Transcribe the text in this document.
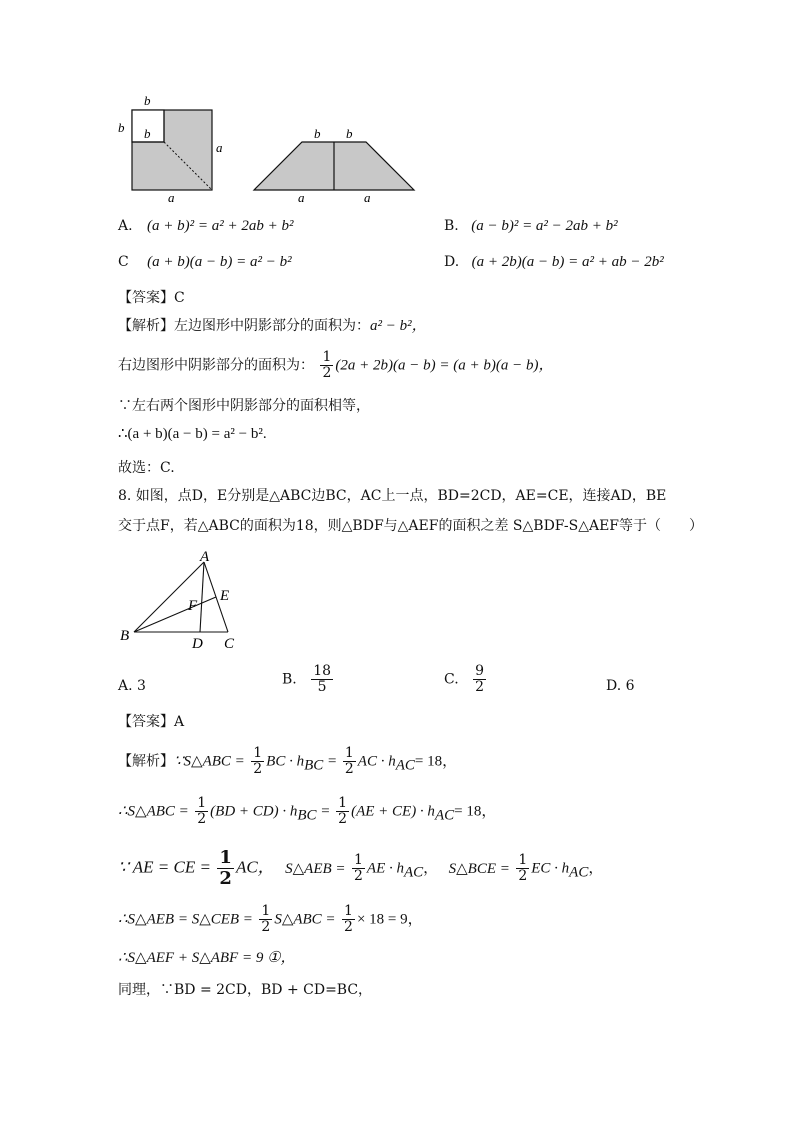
b
b b
a
a
b b
a	a
A. (a + b)² = a² + 2ab + b²	B. (a − b)² = a² − 2ab + b²
C (a + b)(a − b) = a² − b²	D. (a + 2b)(a − b) = a² + ab − 2b²
【答案】C
【解析】左边图形中阴影部分的面积为：a² − b²，
右边图形中阴影部分的面积为： $\frac{1}{2} (2a + 2b)(a - b) = (a + b)(a - b)$，
∵左右两个图形中阴影部分的面积相等，
∴(a + b)(a − b) = a² − b².
故选：C.
8. 如图，点D，E分别是△ABC边BC，AC上一点，BD=2CD，AE=CE，连接AD，BE
交于点F，若△ABC的面积为18，则△BDF与△AEF的面积之差 S△BDF-S△AEF等于（　　）
A
B	C
D
E
F
A. 3	B. $\frac{18}{5}$	C. $\frac{9}{2}$	D. 6
【答案】A
【解析】∵S△ABC = $\frac{1}{2}$ BC · $h_{BC} = \frac{1}{2}$ AC · $h_{AC}= 18$，
∴S△ABC = $\frac{1}{2} (BD + CD) \cdot h_{BC} = \frac{1}{2} (AE + CE) \cdot h_{AC}= 18$，
∵ AE = CE = $\frac{1}{2}$ AC， S△AEB = $\frac{1}{2}$ AE · $h_{AC}$， S△BCE = $\frac{1}{2}$ EC · $h_{AC}$，
∴S△AEB = S△CEB = $\frac{1}{2}$ S△ABC = $\frac{1}{2} \times 18 = 9$，
∴S△AEF + S△ABF = 9 ①，
同理，∵BD = 2CD，BD + CD=BC，
